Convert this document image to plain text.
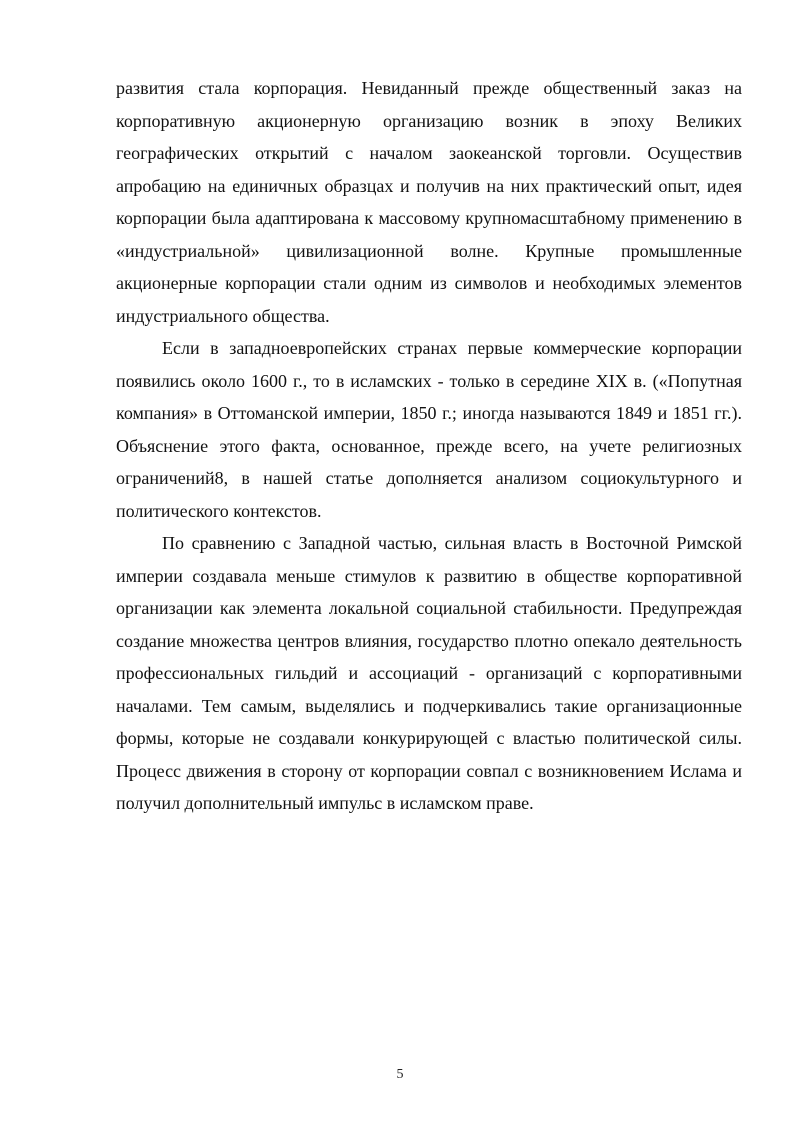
развития стала корпорация. Невиданный прежде общественный заказ на корпоративную акционерную организацию возник в эпоху Великих географических открытий с началом заокеанской торговли. Осуществив апробацию на единичных образцах и получив на них практический опыт, идея корпорации была адаптирована к массовому крупномасштабному применению в «индустриальной» цивилизационной волне. Крупные промышленные акционерные корпорации стали одним из символов и необходимых элементов индустриального общества.

Если в западноевропейских странах первые коммерческие корпорации появились около 1600 г., то в исламских - только в середине XIX в. («Попутная компания» в Оттоманской империи, 1850 г.; иногда называются 1849 и 1851 гг.). Объяснение этого факта, основанное, прежде всего, на учете религиозных ограничений8, в нашей статье дополняется анализом социокультурного и политического контекстов.

По сравнению с Западной частью, сильная власть в Восточной Римской империи создавала меньше стимулов к развитию в обществе корпоративной организации как элемента локальной социальной стабильности. Предупреждая создание множества центров влияния, государство плотно опекало деятельность профессиональных гильдий и ассоциаций - организаций с корпоративными началами. Тем самым, выделялись и подчеркивались такие организационные формы, которые не создавали конкурирующей с властью политической силы. Процесс движения в сторону от корпорации совпал с возникновением Ислама и получил дополнительный импульс в исламском праве.

5
